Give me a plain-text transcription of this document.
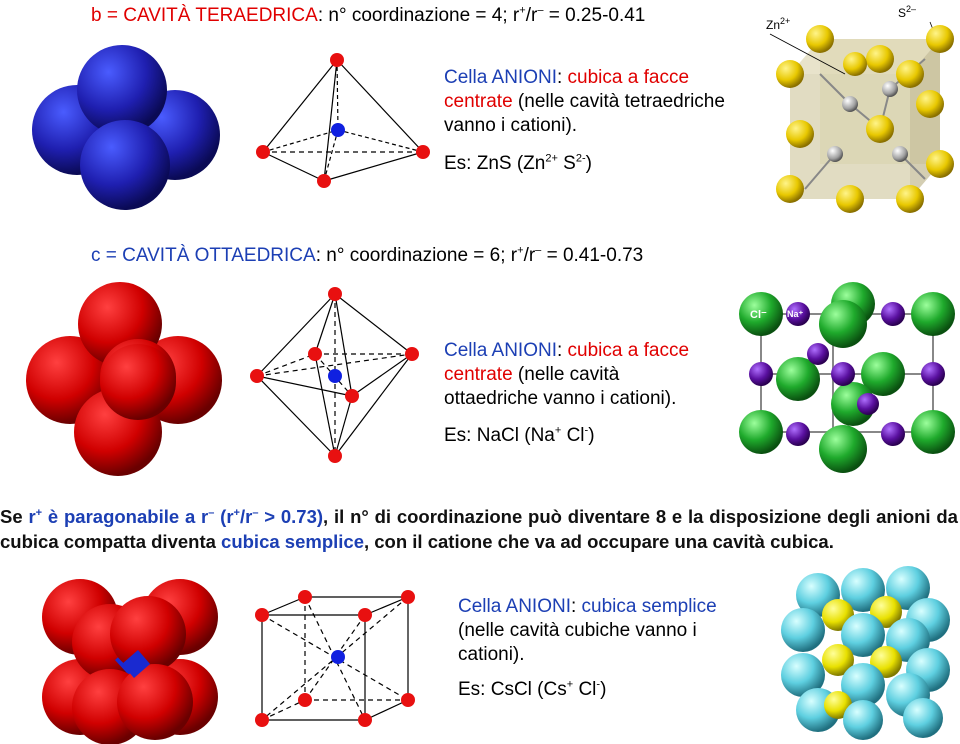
b = CAVITÀ TERAEDRICA: n° coordinazione = 4; r+/r– = 0.25-0.41
Cella ANIONI: cubica a facce centrate (nelle cavità tetraedriche vanno i cationi).
Es: ZnS ($Zn^{2+}$ $S^{2-}$)
$Zn^{2+}$
$S^{2-}$
c = CAVITÀ OTTAEDRICA: n° coordinazione = 6; r+/r– = 0.41-0.73
Cella ANIONI: cubica a facce
centrate (nelle cavità
ottaedriche vanno i cationi).
Es: NaCl (Na+ Cl-)
Cl⁻ Na⁺
Se r+ è paragonabile a r– (r+/r– > 0.73), il n° di coordinazione può diventare 8 e la disposizione degli anioni da cubica compatta diventa cubica semplice, con il catione che va ad occupare una cavità cubica.
Cella ANIONI: cubica semplice
(nelle cavità cubiche vanno i
cationi).
Es: CsCl (Cs+ Cl-)
